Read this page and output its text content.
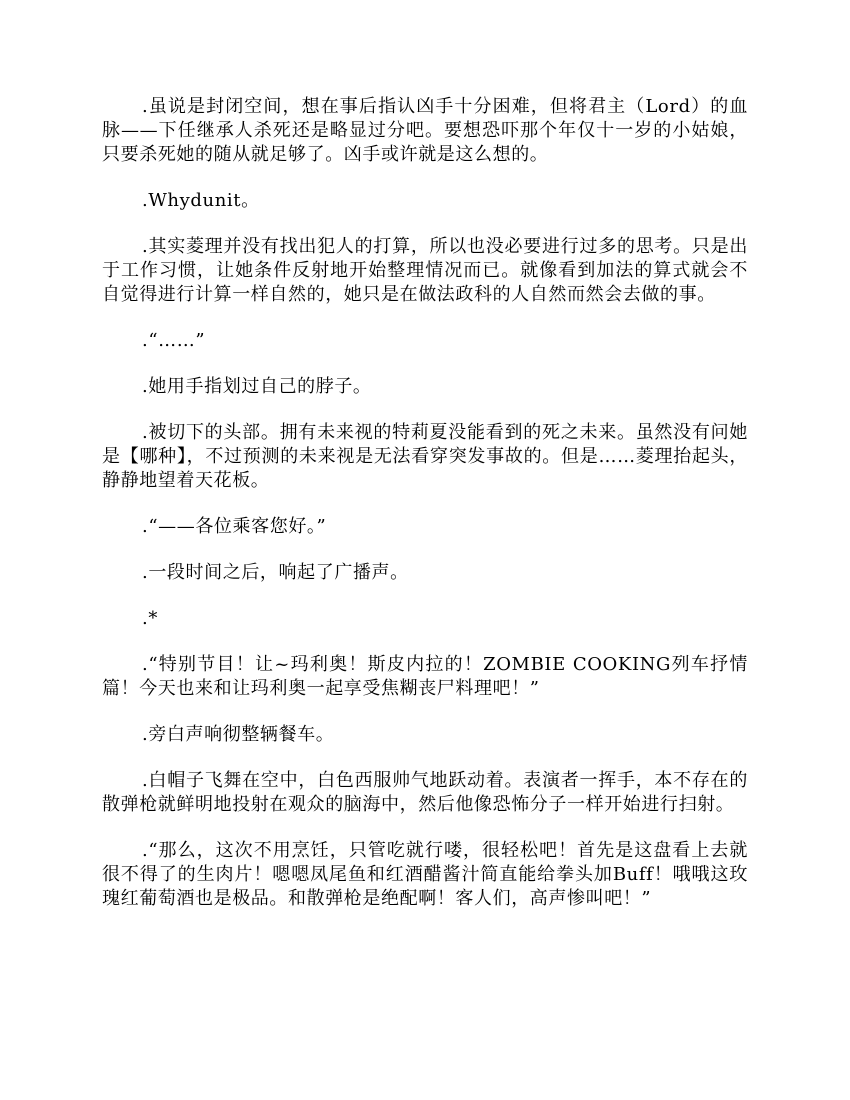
.虽说是封闭空间，想在事后指认凶手十分困难，但将君主（Lord）的血脉——下任继承人杀死还是略显过分吧。要想恐吓那个年仅十一岁的小姑娘，只要杀死她的随从就足够了。凶手或许就是这么想的。

.Whydunit。

.其实菱理并没有找出犯人的打算，所以也没必要进行过多的思考。只是出于工作习惯，让她条件反射地开始整理情况而已。就像看到加法的算式就会不自觉得进行计算一样自然的，她只是在做法政科的人自然而然会去做的事。

.“……”

.她用手指划过自己的脖子。

.被切下的头部。拥有未来视的特莉夏没能看到的死之未来。虽然没有问她是【哪种】，不过预测的未来视是无法看穿突发事故的。但是……菱理抬起头，静静地望着天花板。

.“——各位乘客您好。”

.一段时间之后，响起了广播声。

.*

.“特别节目！让~玛利奥！斯皮内拉的！ZOMBIE COOKING列车抒情篇！今天也来和让玛利奥一起享受焦糊丧尸料理吧！”

.旁白声响彻整辆餐车。

.白帽子飞舞在空中，白色西服帅气地跃动着。表演者一挥手，本不存在的散弹枪就鲜明地投射在观众的脑海中，然后他像恐怖分子一样开始进行扫射。

.“那么，这次不用烹饪，只管吃就行喽，很轻松吧！首先是这盘看上去就很不得了的生肉片！嗯嗯凤尾鱼和红酒醋酱汁简直能给拳头加Buff！哦哦这玫瑰红葡萄酒也是极品。和散弹枪是绝配啊！客人们，高声惨叫吧！”
